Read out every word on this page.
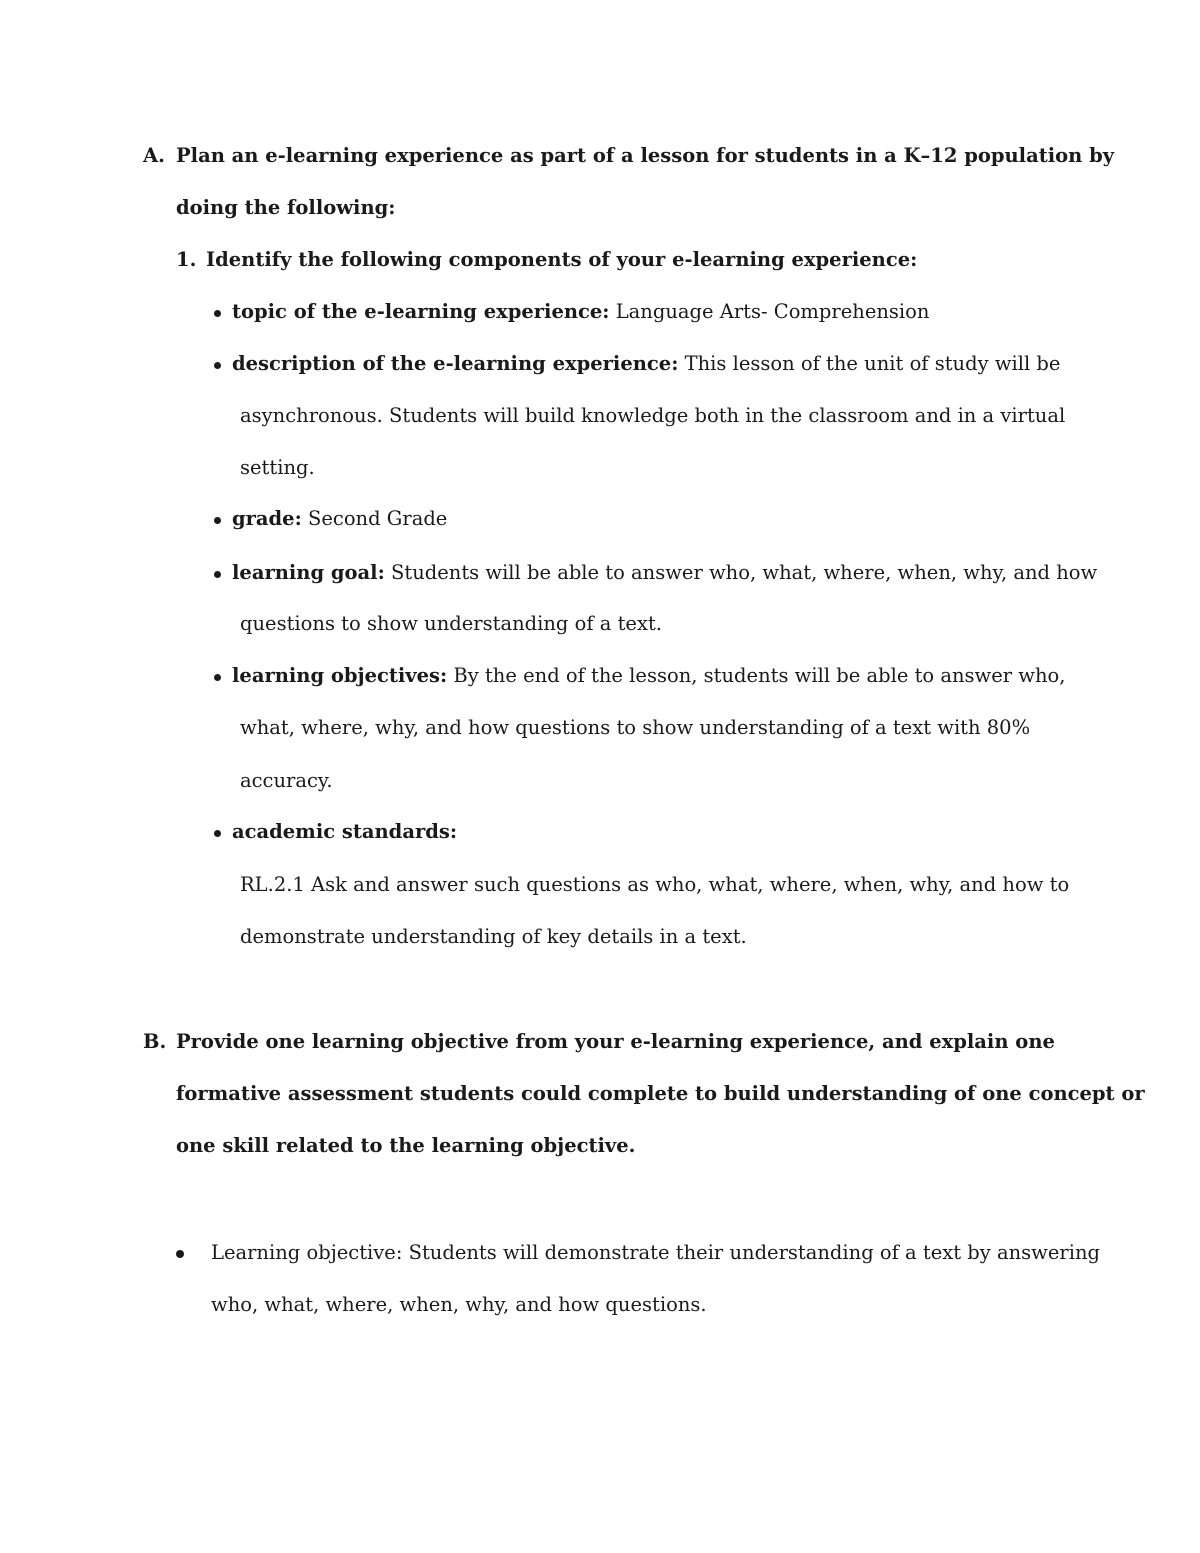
A. Plan an e-learning experience as part of a lesson for students in a K–12 population by
doing the following:
1. Identify the following components of your e-learning experience:
topic of the e-learning experience: Language Arts- Comprehension
description of the e-learning experience: This lesson of the unit of study will be
asynchronous. Students will build knowledge both in the classroom and in a virtual
setting.
grade: Second Grade
learning goal: Students will be able to answer who, what, where, when, why, and how
questions to show understanding of a text.
learning objectives: By the end of the lesson, students will be able to answer who,
what, where, why, and how questions to show understanding of a text with 80%
accuracy.
academic standards:
RL.2.1 Ask and answer such questions as who, what, where, when, why, and how to
demonstrate understanding of key details in a text.
B. Provide one learning objective from your e-learning experience, and explain one
formative assessment students could complete to build understanding of one concept or
one skill related to the learning objective.
Learning objective: Students will demonstrate their understanding of a text by answering
who, what, where, when, why, and how questions.
